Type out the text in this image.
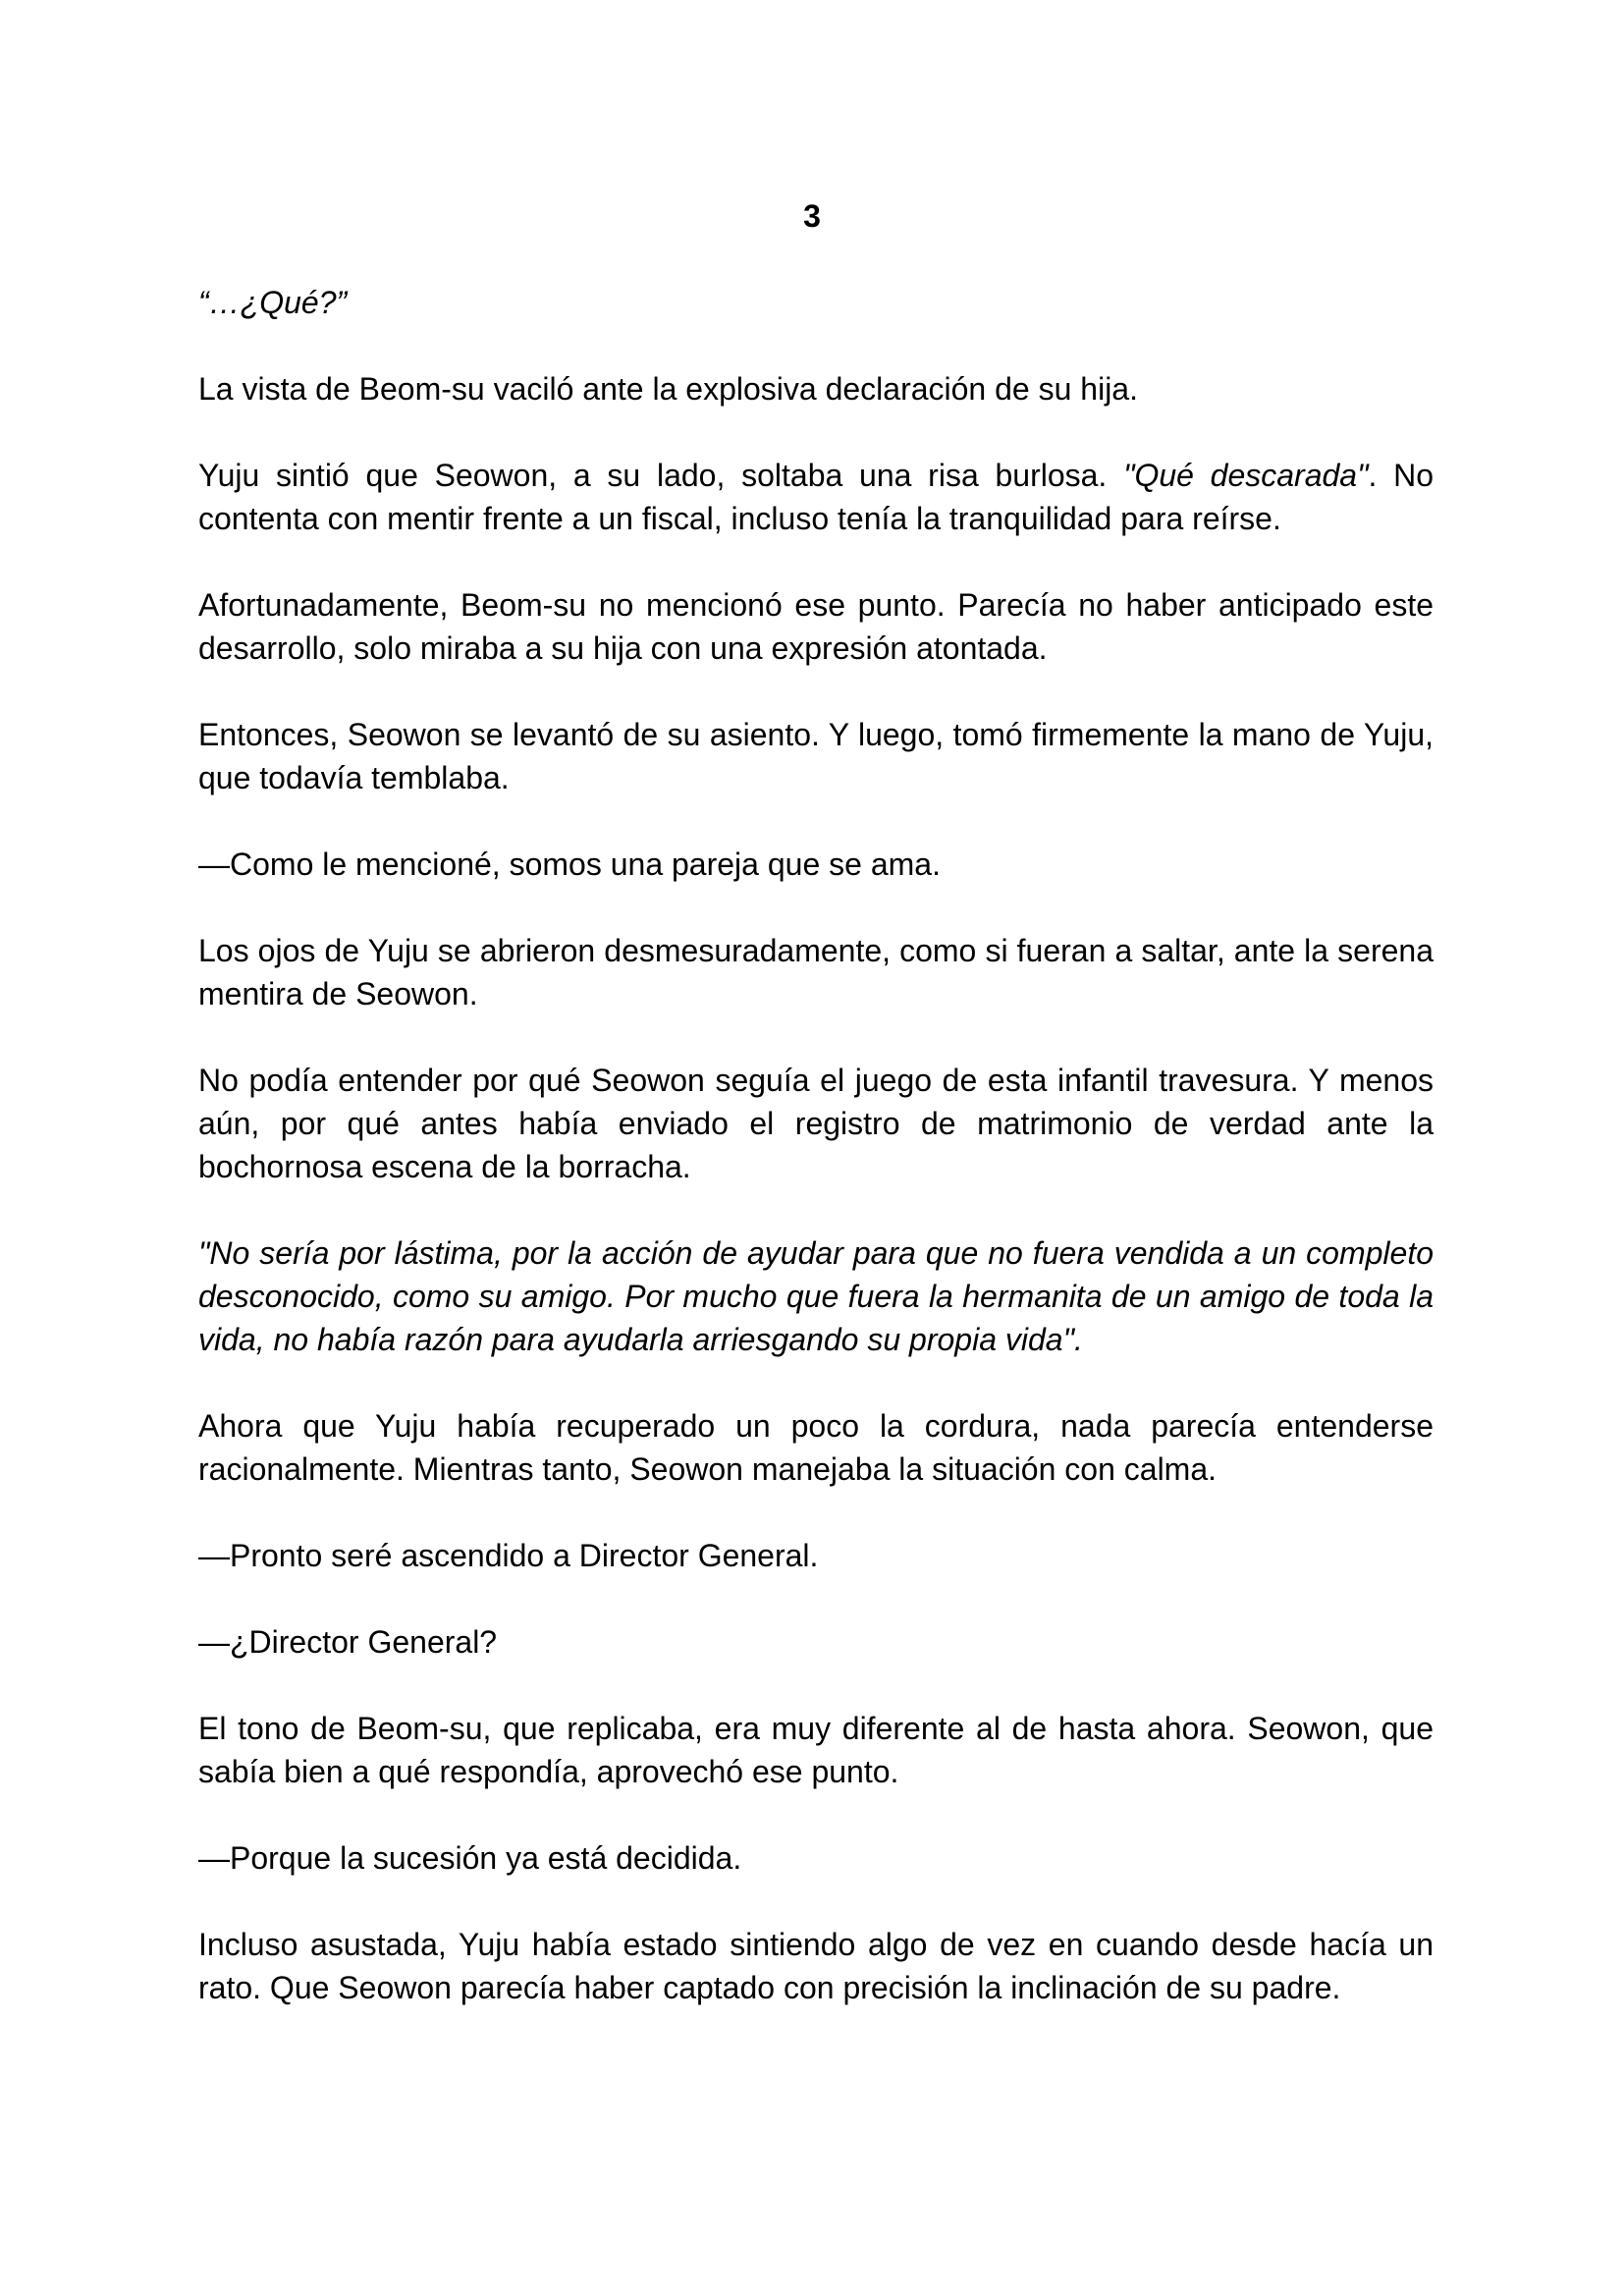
3

“…¿Qué?”

La vista de Beom-su vaciló ante la explosiva declaración de su hija.

Yuju sintió que Seowon, a su lado, soltaba una risa burlosa. "Qué descarada". No contenta con mentir frente a un fiscal, incluso tenía la tranquilidad para reírse.

Afortunadamente, Beom-su no mencionó ese punto. Parecía no haber anticipado este desarrollo, solo miraba a su hija con una expresión atontada.

Entonces, Seowon se levantó de su asiento. Y luego, tomó firmemente la mano de Yuju, que todavía temblaba.

—Como le mencioné, somos una pareja que se ama.

Los ojos de Yuju se abrieron desmesuradamente, como si fueran a saltar, ante la serena mentira de Seowon.

No podía entender por qué Seowon seguía el juego de esta infantil travesura. Y menos aún, por qué antes había enviado el registro de matrimonio de verdad ante la bochornosa escena de la borracha.

"No sería por lástima, por la acción de ayudar para que no fuera vendida a un completo desconocido, como su amigo. Por mucho que fuera la hermanita de un amigo de toda la vida, no había razón para ayudarla arriesgando su propia vida".

Ahora que Yuju había recuperado un poco la cordura, nada parecía entenderse racionalmente. Mientras tanto, Seowon manejaba la situación con calma.

—Pronto seré ascendido a Director General.

—¿Director General?

El tono de Beom-su, que replicaba, era muy diferente al de hasta ahora. Seowon, que sabía bien a qué respondía, aprovechó ese punto.

—Porque la sucesión ya está decidida.

Incluso asustada, Yuju había estado sintiendo algo de vez en cuando desde hacía un rato. Que Seowon parecía haber captado con precisión la inclinación de su padre.
